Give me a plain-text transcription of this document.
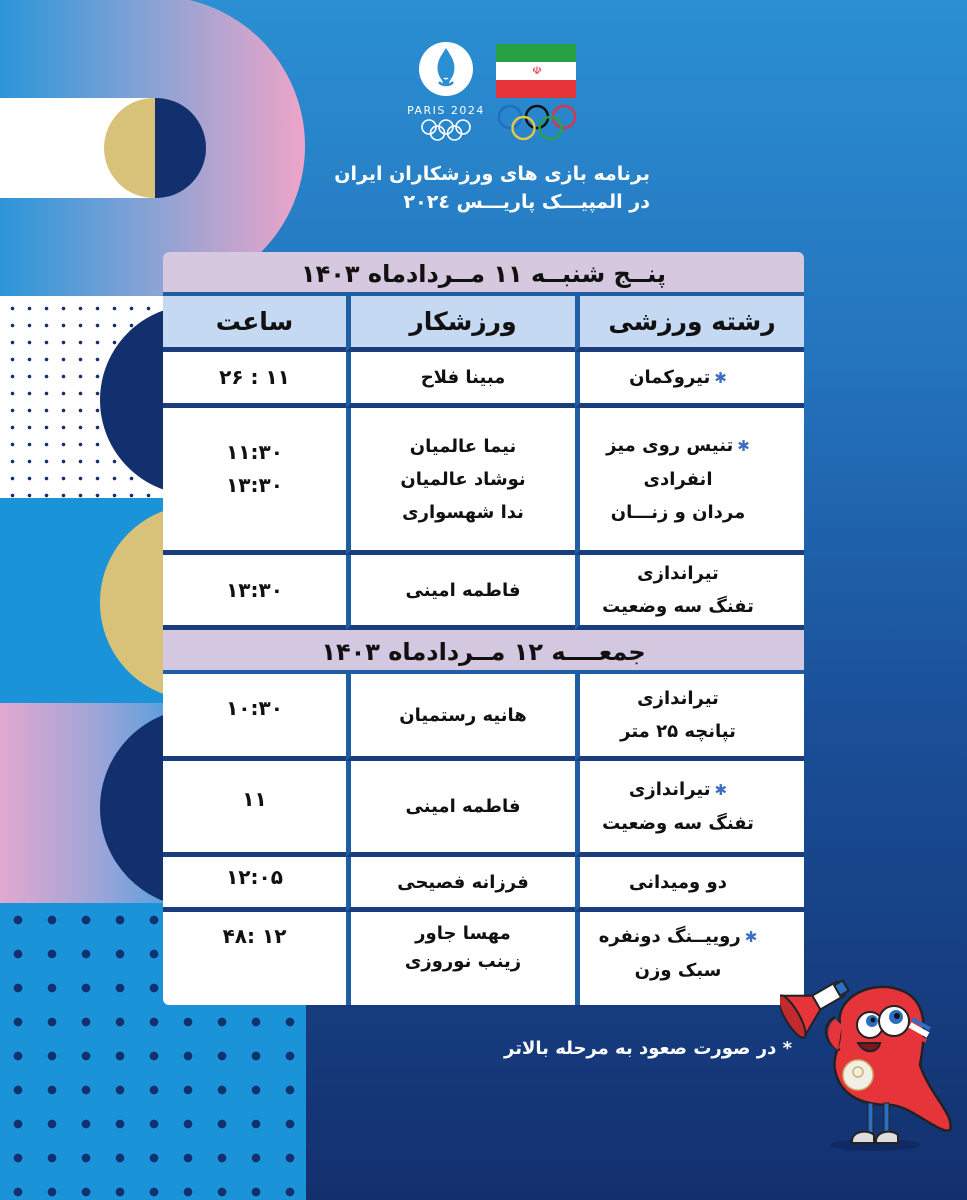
PARIS 2024
☫
برنامه بازی های ورزشکاران ایران
در المپیـــک پاریـــس ۲۰۲٤
پنــج شنبــه ۱۱ مــردادماه ۱۴۰۳
رشته ورزشی
ورزشکار
ساعت
✱تیروکمان
مبینا فلاح
۱۱ : ۲۶
✱تنیس روی میز
انفرادی
مردان و زنـــان
نیما عالمیان
نوشاد عالمیان
ندا شهسواری
۱۱:۳۰
۱۳:۳۰
تیراندازی
تفنگ سه وضعیت
فاطمه امینی
۱۳:۳۰
جمعــــه ۱۲ مــردادماه ۱۴۰۳
تیراندازی
تپانچه ۲۵ متر
هانیه رستمیان
۱۰:۳۰
✱تیراندازی
تفنگ سه وضعیت
فاطمه امینی
۱۱
دو ومیدانی
فرزانه فصیحی
۱۲:۰۵
✱روییــنگ دونفره
سبک وزن
مهسا جاور
زینب نوروزی
۱۲ :۴۸
* در صورت صعود به مرحله بالاتر
